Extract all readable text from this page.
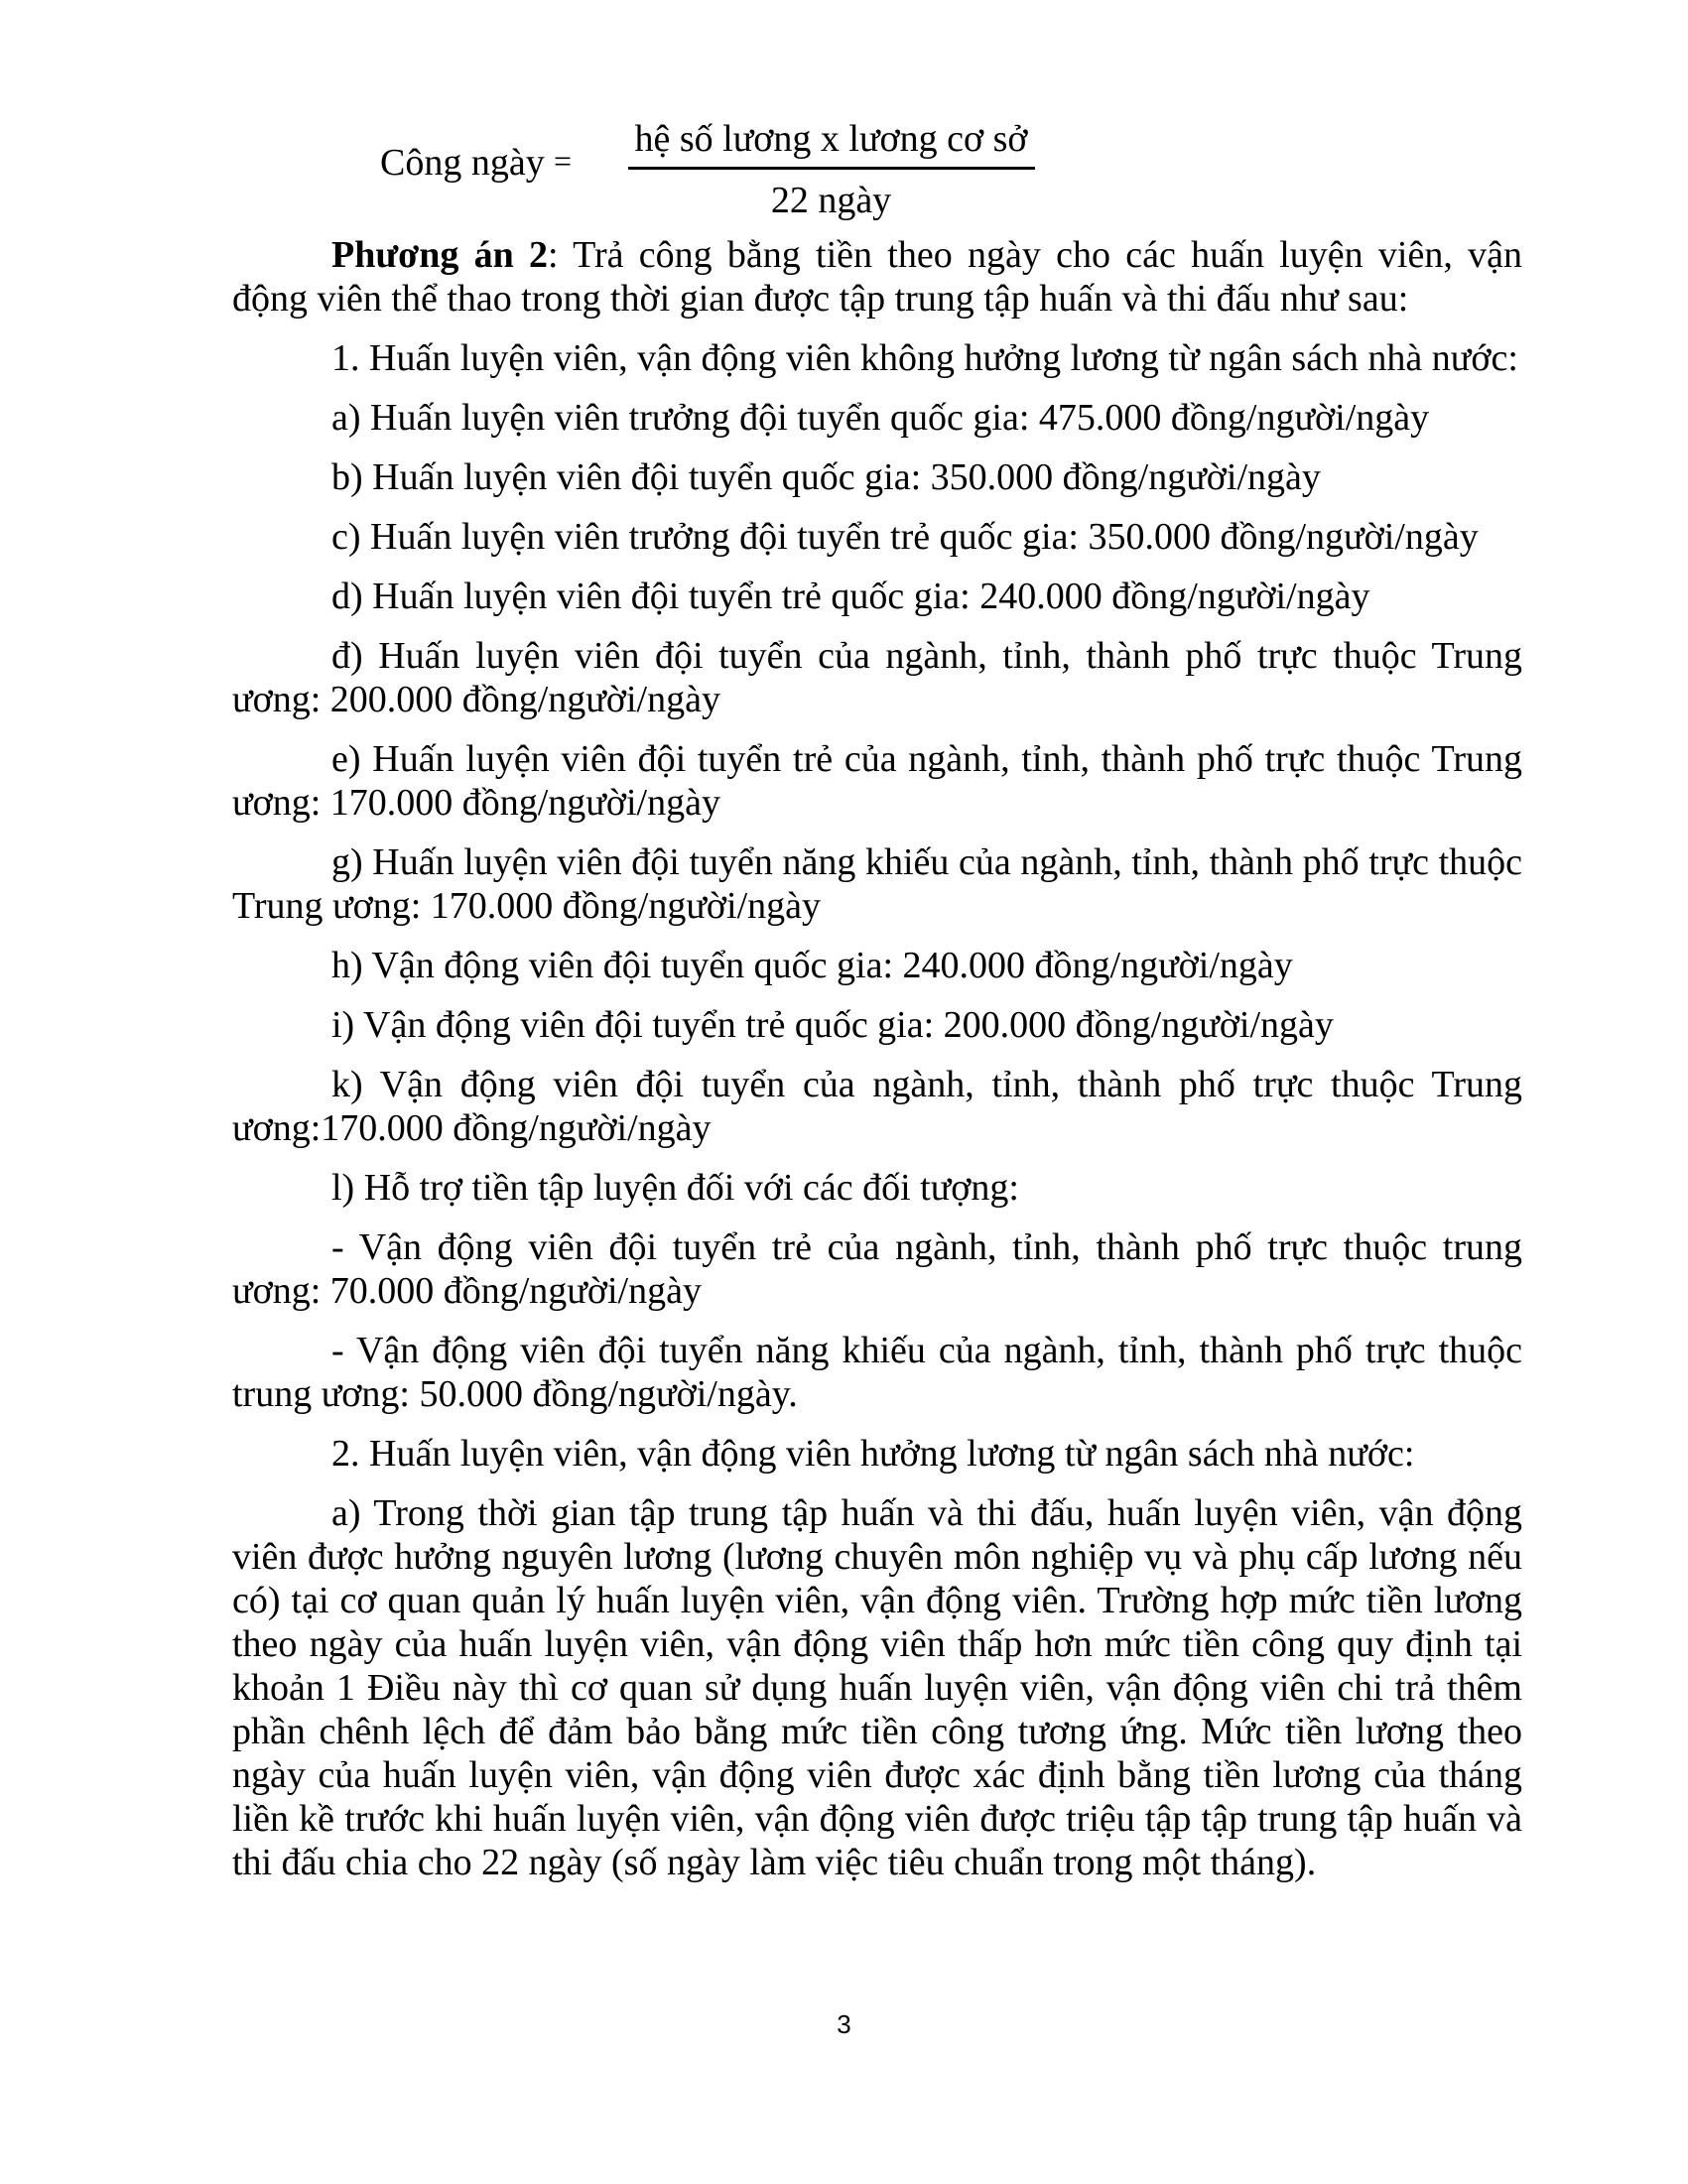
Công ngày =
hệ số lương x lương cơ sở
22 ngày

Phương án 2: Trả công bằng tiền theo ngày cho các huấn luyện viên, vận động viên thể thao trong thời gian được tập trung tập huấn và thi đấu như sau:

1. Huấn luyện viên, vận động viên không hưởng lương từ ngân sách nhà nước:

a) Huấn luyện viên trưởng đội tuyển quốc gia: 475.000 đồng/người/ngày

b) Huấn luyện viên đội tuyển quốc gia: 350.000 đồng/người/ngày

c) Huấn luyện viên trưởng đội tuyển trẻ quốc gia: 350.000 đồng/người/ngày

d) Huấn luyện viên đội tuyển trẻ quốc gia: 240.000 đồng/người/ngày

đ) Huấn luyện viên đội tuyển của ngành, tỉnh, thành phố trực thuộc Trung ương: 200.000 đồng/người/ngày

e) Huấn luyện viên đội tuyển trẻ của ngành, tỉnh, thành phố trực thuộc Trung ương: 170.000 đồng/người/ngày

g) Huấn luyện viên đội tuyển năng khiếu của ngành, tỉnh, thành phố trực thuộc Trung ương: 170.000 đồng/người/ngày

h) Vận động viên đội tuyển quốc gia: 240.000 đồng/người/ngày

i) Vận động viên đội tuyển trẻ quốc gia: 200.000 đồng/người/ngày

k) Vận động viên đội tuyển của ngành, tỉnh, thành phố trực thuộc Trung ương:170.000 đồng/người/ngày

l) Hỗ trợ tiền tập luyện đối với các đối tượng:

- Vận động viên đội tuyển trẻ của ngành, tỉnh, thành phố trực thuộc trung ương: 70.000 đồng/người/ngày

- Vận động viên đội tuyển năng khiếu của ngành, tỉnh, thành phố trực thuộc trung ương: 50.000 đồng/người/ngày.

2. Huấn luyện viên, vận động viên hưởng lương từ ngân sách nhà nước:

a) Trong thời gian tập trung tập huấn và thi đấu, huấn luyện viên, vận động viên được hưởng nguyên lương (lương chuyên môn nghiệp vụ và phụ cấp lương nếu có) tại cơ quan quản lý huấn luyện viên, vận động viên. Trường hợp mức tiền lương theo ngày của huấn luyện viên, vận động viên thấp hơn mức tiền công quy định tại khoản 1 Điều này thì cơ quan sử dụng huấn luyện viên, vận động viên chi trả thêm phần chênh lệch để đảm bảo bằng mức tiền công tương ứng. Mức tiền lương theo ngày của huấn luyện viên, vận động viên được xác định bằng tiền lương của tháng liền kề trước khi huấn luyện viên, vận động viên được triệu tập tập trung tập huấn và thi đấu chia cho 22 ngày (số ngày làm việc tiêu chuẩn trong một tháng).

3
